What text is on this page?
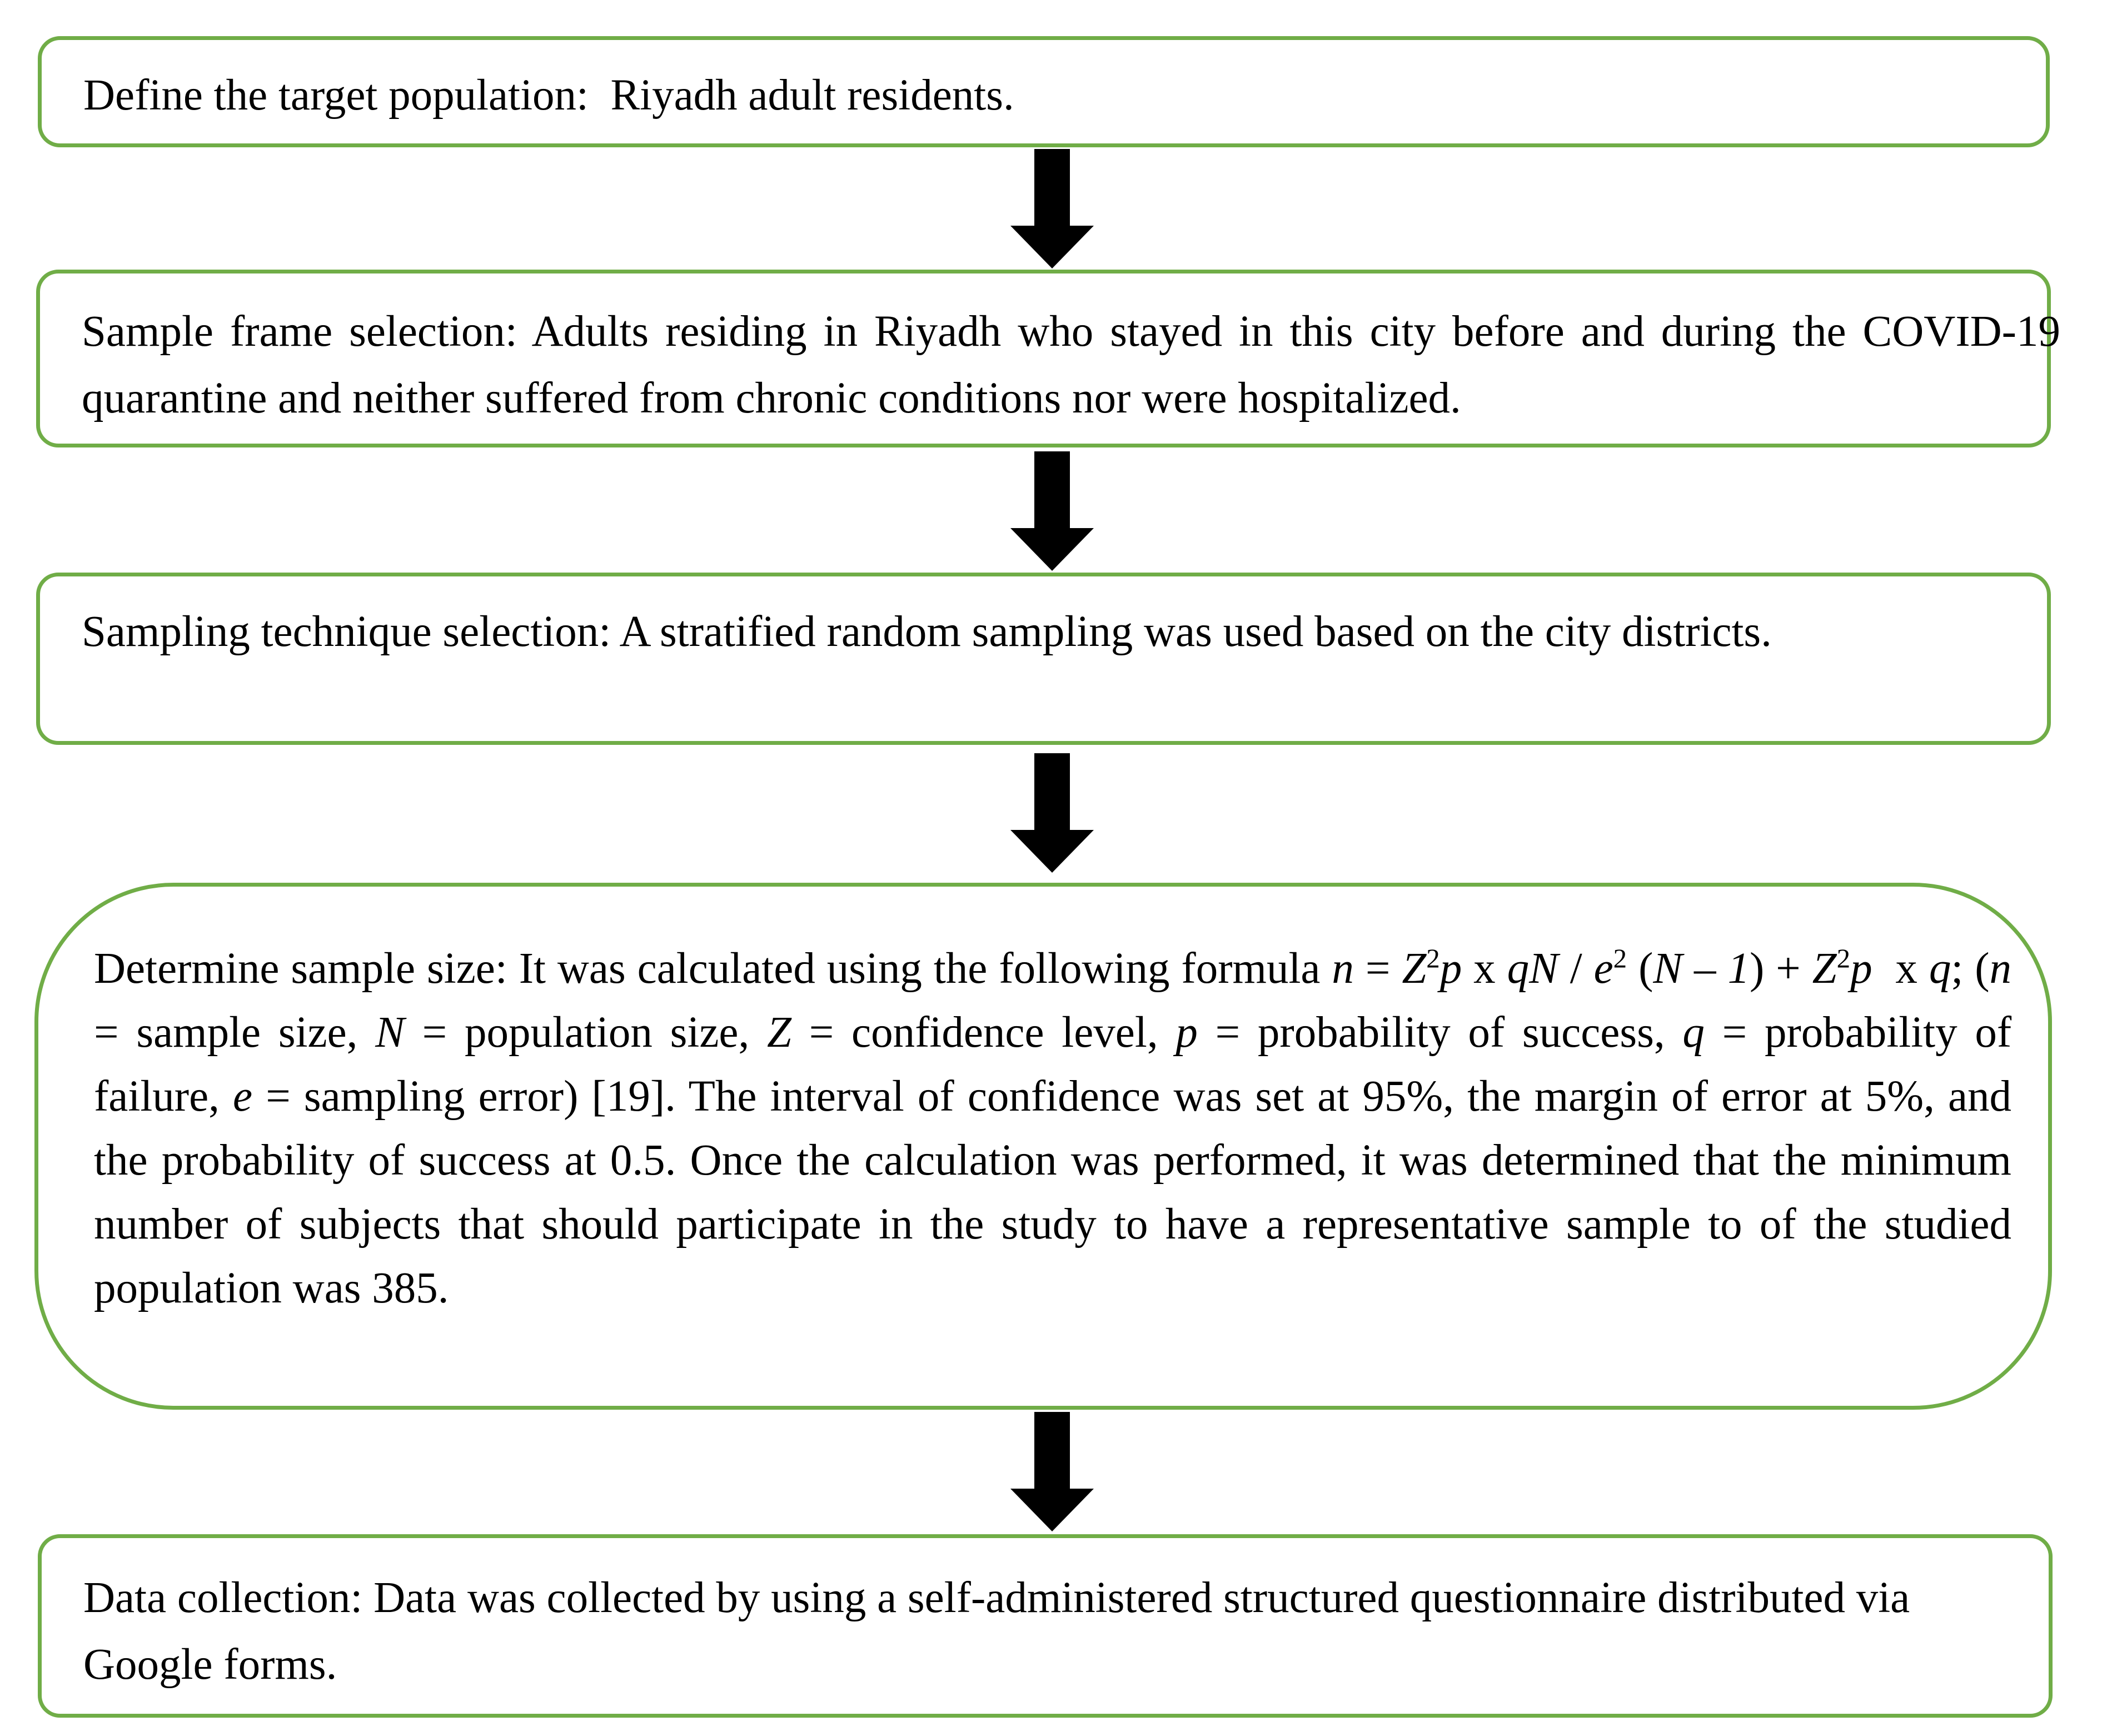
Define the target population:  Riyadh adult residents.

Sample frame selection: Adults residing in Riyadh who stayed in this city before and during the COVID-19 quarantine and neither suffered from chronic conditions nor were hospitalized.

Sampling technique selection: A stratified random sampling was used based on the city districts.

Determine sample size: It was calculated using the following formula $n = Z^2p$ x qN / $e^2$ $(N - 1) + Z^2p$ x q; (n = sample size, N = population size, Z = confidence level, p = probability of success, q = probability of failure, e = sampling error) [19]. The interval of confidence was set at 95%, the margin of error at 5%, and the probability of success at 0.5. Once the calculation was performed, it was determined that the minimum number of subjects that should participate in the study to have a representative sample to of the studied population was 385.

Data collection: Data was collected by using a self-administered structured questionnaire distributed via Google forms.
